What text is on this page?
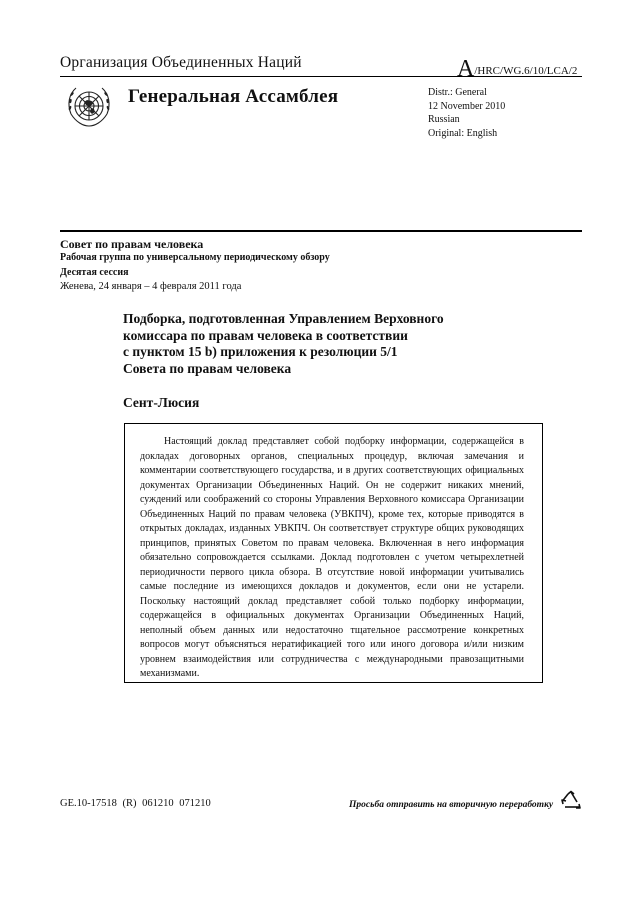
Организация Объединенных Наций	A/HRC/WG.6/10/LCA/2
Генеральная Ассамблея	Distr.: General
12 November 2010
Russian
Original: English
Совет по правам человека
Рабочая группа по универсальному периодическому обзору
Десятая сессия
Женева, 24 января – 4 февраля 2011 года
Подборка, подготовленная Управлением Верховного
комиссара по правам человека в соответствии
с пунктом 15 b) приложения к резолюции 5/1
Совета по правам человека
Сент-Люсия
Настоящий доклад представляет собой подборку информации, содержащейся в докладах договорных органов, специальных процедур, включая замечания и комментарии соответствующего государства, и в других соответствующих официальных документах Организации Объединенных Наций. Он не содержит никаких мнений, суждений или соображений со стороны Управления Верховного комиссара Организации Объединенных Наций по правам человека (УВКПЧ), кроме тех, которые приводятся в открытых докладах, изданных УВКПЧ. Он соответствует структуре общих руководящих принципов, принятых Советом по правам человека. Включенная в него информация обязательно сопровождается ссылками. Доклад подготовлен с учетом четырехлетней периодичности первого цикла обзора. В отсутствие новой информации учитывались самые последние из имеющихся докладов и документов, если они не устарели. Поскольку настоящий доклад представляет собой только подборку информации, содержащейся в официальных документах Организации Объединенных Наций, неполный объем данных или недостаточно тщательное рассмотрение конкретных вопросов могут объясняться нератификацией того или иного договора и/или низким уровнем взаимодействия или сотрудничества с международными правозащитными механизмами.
GE.10-17518 (R) 061210 071210	Просьба отправить на вторичную переработку
